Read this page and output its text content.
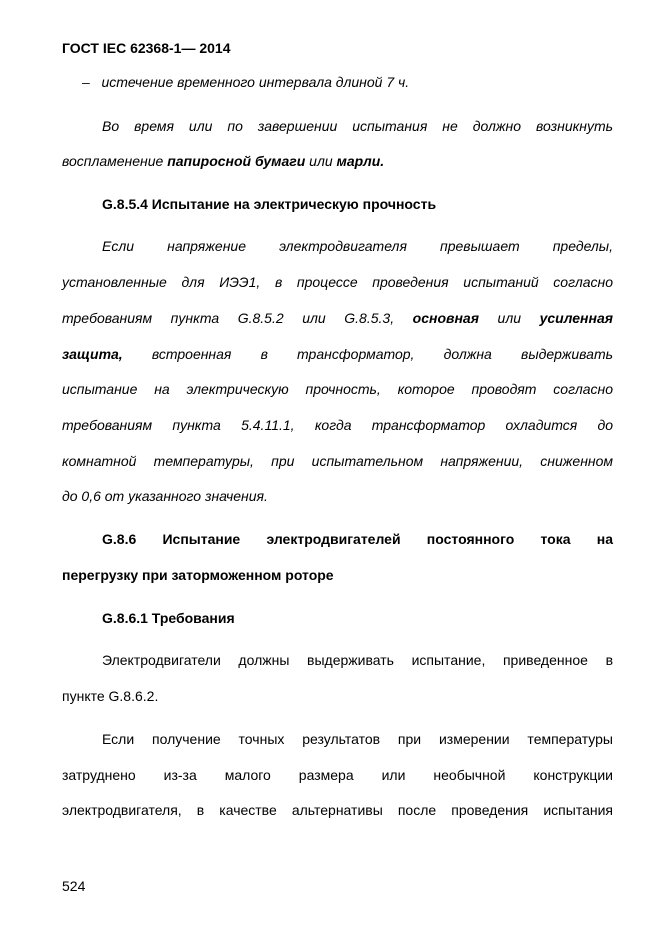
ГОСТ IEC 62368-1— 2014
– истечение временного интервала длиной 7 ч.
Во время или по завершении испытания не должно возникнуть
воспламенение папиросной бумаги или марли.
G.8.5.4 Испытание на электрическую прочность
Если напряжение электродвигателя превышает пределы,
установленные для ИЭЭ1, в процессе проведения испытаний согласно
требованиям пункта G.8.5.2 или G.8.5.3, основная или усиленная
защита, встроенная в трансформатор, должна выдерживать
испытание на электрическую прочность, которое проводят согласно
требованиям пункта 5.4.11.1, когда трансформатор охладится до
комнатной температуры, при испытательном напряжении, сниженном
до 0,6 от указанного значения.
G.8.6 Испытание электродвигателей постоянного тока на
перегрузку при заторможенном роторе
G.8.6.1 Требования
Электродвигатели должны выдерживать испытание, приведенное в
пункте G.8.6.2.
Если получение точных результатов при измерении температуры
затруднено из-за малого размера или необычной конструкции
электродвигателя, в качестве альтернативы после проведения испытания
524
